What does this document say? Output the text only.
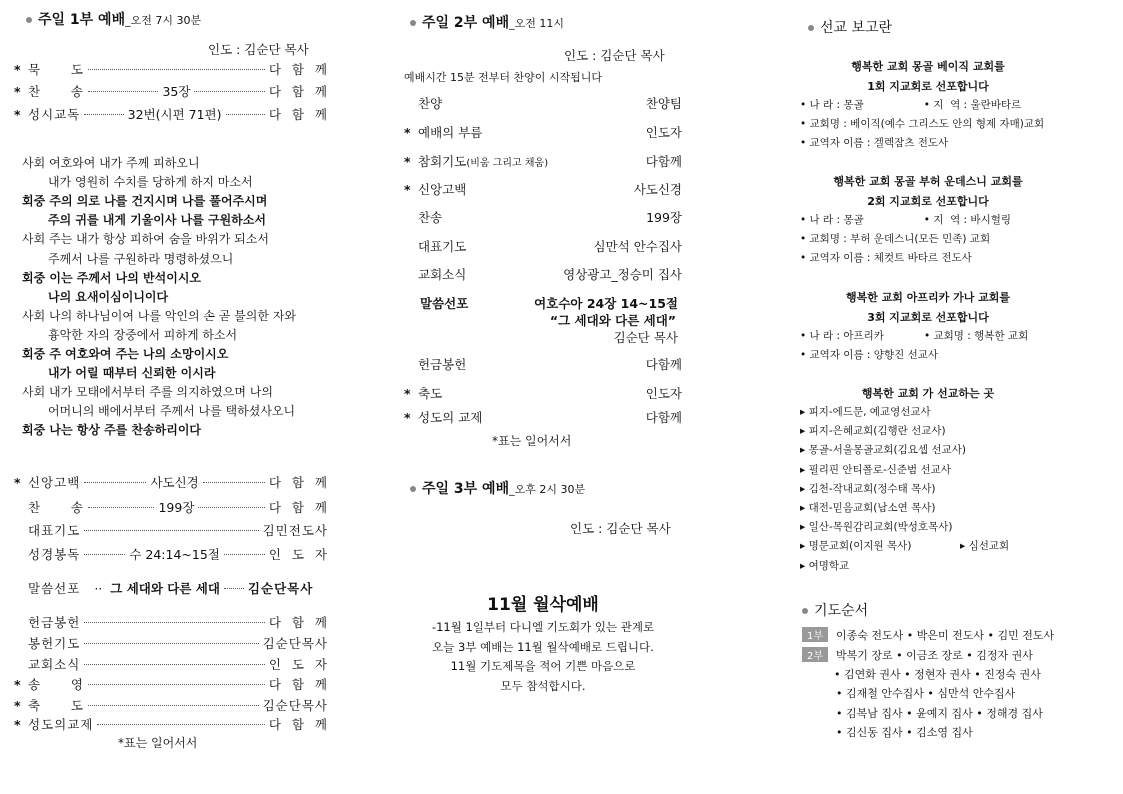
주일 1부 예배_오전 7시 30분
인도 : 김순단 목사
* 묵      도	다  함  께
* 찬      송	35장	다  함  께
* 성시교독	32번(시편 71편)	다  함  께
사회 여호와여 내가 주께 피하오니
내가 영원히 수치를 당하게 하지 마소서
회중 주의 의로 나를 건지시며 나를 풀어주시며
주의 귀를 내게 기울이사 나를 구원하소서
사회 주는 내가 항상 피하여 숨을 바위가 되소서
주께서 나를 구원하라 명령하셨으니
회중 이는 주께서 나의 반석이시오
나의 요새이심이니이다
사회 나의 하나님이여 나를 악인의 손 곧 불의한 자와
흉악한 자의 장중에서 피하게 하소서
회중 주 여호와여 주는 나의 소망이시오
내가 어릴 때부터 신뢰한 이시라
사회 내가 모태에서부터 주를 의지하였으며 나의
어머니의 배에서부터 주께서 나를 택하셨사오니
회중 나는 항상 주를 찬송하리이다
* 신앙고백	사도신경	다  함  께
찬      송	199장	다  함  께
대표기도	김민전도사
성경봉독	수 24:14~15절	인  도  자
말씀선포 ·· 그 세대와 다른 세대 김순단목사
헌금봉헌	다  함  께
봉헌기도	김순단목사
교회소식	인  도  자
* 송      영	다  함  께
* 축      도	김순단목사
* 성도의교제	다  함  께
*표는 일어서서
주일 2부 예배_오전 11시
인도 : 김순단 목사
예배시간 15분 전부터 찬양이 시작됩니다
찬양	찬양팀
* 예배의 부름	인도자
* 참회기도 (비움 그리고 채움)	다함께
* 신앙고백	사도신경
찬송	199장
대표기도	심만석 안수집사
교회소식	영상광고_정승미 집사
말씀선포	여호수아 24장 14~15절
“그 세대와 다른 세대”
김순단 목사
헌금봉헌	다함께
* 축도	인도자
* 성도의 교제	다함께
*표는 일어서서
주일 3부 예배_오후 2시 30분
인도 : 김순단 목사
11월 월삭예배
-11월 1일부터 다니엘 기도회가 있는 관계로
오늘 3부 예배는 11월 월삭예배로 드립니다.
11월 기도제목을 적어 기쁜 마음으로
모두 참석합시다.
선교 보고란
행복한 교회 몽골 베이직 교회를
1회 지교회로 선포합니다
• 나 라 : 몽골                  • 지  역 : 울란바타르
• 교회명 : 베이직(예수 그리스도 안의 형제 자매)교회
• 교역자 이름 : 겔렉잠츠 전도사
행복한 교회 몽골 부허 운데스니 교회를
2회 지교회로 선포합니다
• 나 라 : 몽골                  • 지  역 : 바시헐링
• 교회명 : 부허 운데스니(모든 민족) 교회
• 교역자 이름 : 체컷트 바타르 전도사
행복한 교회 아프리카 가나 교회를
3회 지교회로 선포합니다
• 나 라 : 아프리카            • 교회명 : 행복한 교회
• 교역자 이름 : 양향진 선교사
행복한 교회 가 선교하는 곳
▸ 피지-에드문, 예교영선교사
▸ 피지-은혜교회(김행란 선교사)
▸ 몽골-서울몽골교회(김요셉 선교사)
▸ 필리핀 안티폴로-신준범 선교사
▸ 김천-작내교회(정수태 목사)
▸ 대전-믿음교회(남소연 목사)
▸ 일산-목원감리교회(박성호목사)
▸ 명문교회(이지원 목사)
▸ 여명학교
▸ 심선교회
기도순서
1부 이종숙 전도사 • 박은미 전도사 • 김민 전도사
2부 박복기 장로 • 이금조 장로 • 김정자 권사
• 김연화 권사 • 정현자 권사 • 진정숙 권사
• 김재철 안수집사 • 심만석 안수집사
• 김복남 집사 • 윤예지 집사 • 정해경 집사
• 김신동 집사 • 김소영 집사
